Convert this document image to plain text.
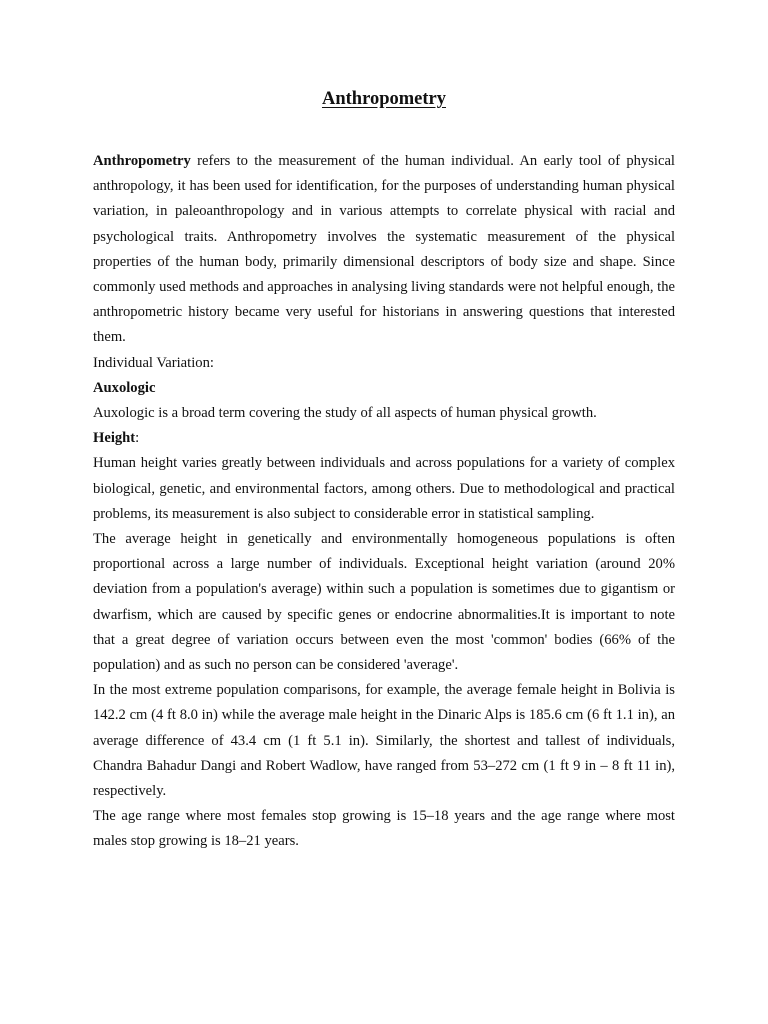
Anthropometry

Anthropometry refers to the measurement of the human individual. An early tool of physical anthropology, it has been used for identification, for the purposes of understanding human physical variation, in paleoanthropology and in various attempts to correlate physical with racial and psychological traits. Anthropometry involves the systematic measurement of the physical properties of the human body, primarily dimensional descriptors of body size and shape. Since commonly used methods and approaches in analysing living standards were not helpful enough, the anthropometric history became very useful for historians in answering questions that interested them.

Individual Variation:

Auxologic

Auxologic is a broad term covering the study of all aspects of human physical growth.

Height:

Human height varies greatly between individuals and across populations for a variety of complex biological, genetic, and environmental factors, among others. Due to methodological and practical problems, its measurement is also subject to considerable error in statistical sampling.

The average height in genetically and environmentally homogeneous populations is often proportional across a large number of individuals. Exceptional height variation (around 20% deviation from a population's average) within such a population is sometimes due to gigantism or dwarfism, which are caused by specific genes or endocrine abnormalities.It is important to note that a great degree of variation occurs between even the most 'common' bodies (66% of the population) and as such no person can be considered 'average'.

In the most extreme population comparisons, for example, the average female height in Bolivia is 142.2 cm (4 ft 8.0 in) while the average male height in the Dinaric Alps is 185.6 cm (6 ft 1.1 in), an average difference of 43.4 cm (1 ft 5.1 in). Similarly, the shortest and tallest of individuals, Chandra Bahadur Dangi and Robert Wadlow, have ranged from 53–272 cm (1 ft 9 in – 8 ft 11 in), respectively.

The age range where most females stop growing is 15–18 years and the age range where most males stop growing is 18–21 years.
